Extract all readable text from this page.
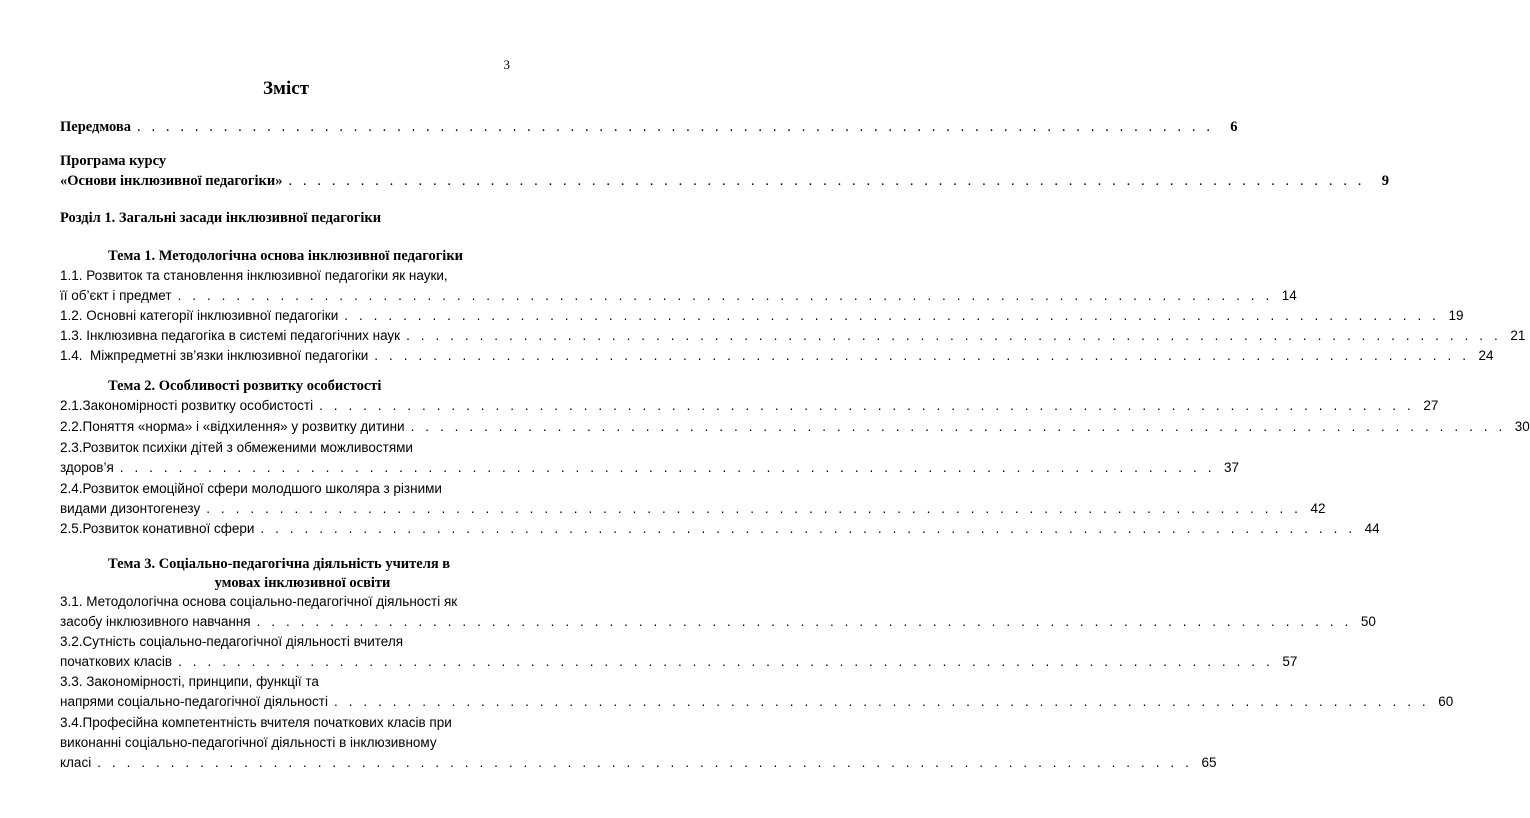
3
Зміст
Передмова . . . . . . . . . . . . . . . . . . . . . . . . . . . . . . . . . . . . . . . . . . . . . . . . . . . . . . . . . . . . . . . . . . . . . . . . . . .	6
Програма курсу
«Основи інклюзивної педагогіки» . . . . . . . . . . . . . . . . . . . . . . . . . . . . . . . . . . . . . . . . . . . . . . . . . . . . . . . . . . . . . . . . . . . . . . . . . . .	9
Розділ 1. Загальні засади інклюзивної педагогіки
Тема 1. Методологічна основа інклюзивної педагогіки
1.1. Розвиток та становлення інклюзивної педагогіки як науки,
її об’єкт і предмет . . . . . . . . . . . . . . . . . . . . . . . . . . . . . . . . . . . . . . . . . . . . . . . . . . . . . . . . . . . . . . . . . . . . . . . . . . . 14
1.2. Основні категорії інклюзивної педагогіки . . . . . . . . . . . . . . . . . . . . . . . . . . . . . . . . . . . . . . . . . . . . . . . . . . . . . . . . . . . . . . . . . . . . . . . . . . . 19
1.3. Інклюзивна педагогіка в системі педагогічних наук . . . . . . . . . . . . . . . . . . . . . . . . . . . . . . . . . . . . . . . . . . . . . . . . . . . . . . . . . . . . . . . . . . . . . . . . . . . 21
1.4.  Міжпредметні зв’язки інклюзивної педагогіки . . . . . . . . . . . . . . . . . . . . . . . . . . . . . . . . . . . . . . . . . . . . . . . . . . . . . . . . . . . . . . . . . . . . . . . . . . . 24
Тема 2. Особливості розвитку особистості
2.1.Закономірності розвитку особистості . . . . . . . . . . . . . . . . . . . . . . . . . . . . . . . . . . . . . . . . . . . . . . . . . . . . . . . . . . . . . . . . . . . . . . . . . . . 27
2.2.Поняття «норма» і «відхилення» у розвитку дитини . . . . . . . . . . . . . . . . . . . . . . . . . . . . . . . . . . . . . . . . . . . . . . . . . . . . . . . . . . . . . . . . . . . . . . . . . . . 30
2.3.Розвиток психіки дітей з обмеженими можливостями
здоров’я . . . . . . . . . . . . . . . . . . . . . . . . . . . . . . . . . . . . . . . . . . . . . . . . . . . . . . . . . . . . . . . . . . . . . . . . . . . 37
2.4.Розвиток емоційної сфери молодшого школяра з різними
видами дизонтогенезу . . . . . . . . . . . . . . . . . . . . . . . . . . . . . . . . . . . . . . . . . . . . . . . . . . . . . . . . . . . . . . . . . . . . . . . . . . . 42
2.5.Розвиток конативної сфери . . . . . . . . . . . . . . . . . . . . . . . . . . . . . . . . . . . . . . . . . . . . . . . . . . . . . . . . . . . . . . . . . . . . . . . . . . . 44
Тема 3. Соціально-педагогічна діяльність учителя в
умовах інклюзивної освіти
3.1. Методологічна основа соціально-педагогічної діяльності як
засобу інклюзивного навчання . . . . . . . . . . . . . . . . . . . . . . . . . . . . . . . . . . . . . . . . . . . . . . . . . . . . . . . . . . . . . . . . . . . . . . . . . . . 50
3.2.Сутність соціально-педагогічної діяльності вчителя
початкових класів . . . . . . . . . . . . . . . . . . . . . . . . . . . . . . . . . . . . . . . . . . . . . . . . . . . . . . . . . . . . . . . . . . . . . . . . . . . 57
3.3. Закономірності, принципи, функції та
напрями соціально-педагогічної діяльності . . . . . . . . . . . . . . . . . . . . . . . . . . . . . . . . . . . . . . . . . . . . . . . . . . . . . . . . . . . . . . . . . . . . . . . . . . . 60
3.4.Професійна компетентність вчителя початкових класів при
виконанні соціально-педагогічної діяльності в інклюзивному
класі . . . . . . . . . . . . . . . . . . . . . . . . . . . . . . . . . . . . . . . . . . . . . . . . . . . . . . . . . . . . . . . . . . . . . . . . . . . 65
